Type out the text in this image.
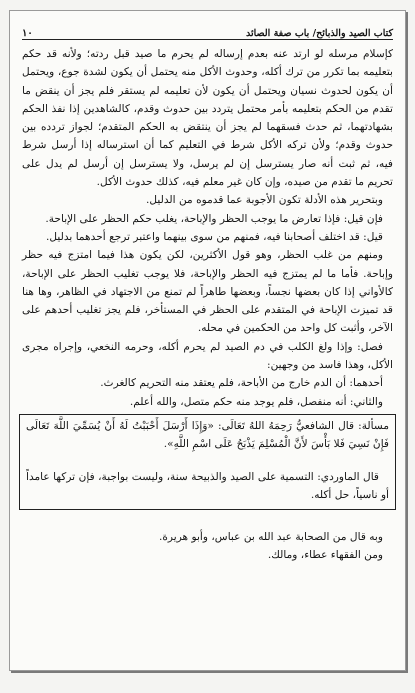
كتاب الصيد والذبائح/ باب صفة الصائد
١٠

كإسلام مرسله لو ارتد عنه بعدم إرساله لم يحرم ما صيد قبل ردته؛ ولأنه قد حكم بتعليمه بما تكرر من ترك أكله، وحدوث الأكل منه يحتمل أن يكون لشدة جوع، ويحتمل أن يكون لحدوث نسيان ويحتمل أن يكون لأن تعليمه لم يستقر فلم يجز أن ينقض ما تقدم من الحكم بتعليمه بأمر محتمل يتردد بين حدوث وقدم، كالشاهدين إذا نفذ الحكم بشهادتهما، ثم حدث فسقهما لم يجز أن ينتقض به الحكم المتقدم؛ لجواز تردده بين حدوث وقدم؛ ولأن تركه الأكل شرط في التعليم كما أن استرساله إذا أرسل شرط فيه، ثم ثبت أنه صار يسترسل إن لم يرسل، ولا يسترسل إن أرسل لم يدل على تحريم ما تقدم من صيده، وإن كان غير معلم فيه، كذلك حدوث الأكل.

وبتحرير هذه الأدلة تكون الأجوبة عما قدموه من الدليل.

فإن قيل: فإذا تعارض ما يوجب الحظر والإباحة، يغلب حكم الحظر على الإباحة.

قيل: قد اختلف أصحابنا فيه، فمنهم من سوى بينهما واعتبر ترجع أحدهما بدليل.

ومنهم من غلب الحظر، وهو قول الأكثرين، لكن يكون هذا فيما امتزج فيه حظر وإباحة. فأما ما لم يمتزج فيه الحظر والإباحة، فلا يوجب تغليب الحظر على الإباحة، كالأواني إذا كان بعضها نجساً، وبعضها طاهراً لم تمنع من الاجتهاد في الظاهر، وها هنا قد تميزت الإباحة في المتقدم على الحظر في المستأخر، فلم يجز تغليب أحدهم على الآخر، وأثبت كل واحد من الحكمين في محله.

فصل: وإذا ولغ الكلب في دم الصيد لم يحرم أكله، وحرمه النخعي، وإجراه مجرى الأكل، وهذا فاسد من وجهين:

أحدهما: أن الدم خارج من الأباحة، فلم يعتقد منه التحريم كالغرث.

والثاني: أنه منفصل، فلم يوجد منه حكم متصل، والله أعلم.

مسألة: قال الشافعيُّ رَحِمَهُ اللهُ تَعَالَى: «وَإِذَا أَرْسَلَ أَحْبَبْتُ لَهُ أَنْ يُسَمِّيَ اللَّهَ تَعَالَى فَإِنْ نَسِيَ فَلا بَأْسَ لأَنَّ الْمُسْلِمَ يَذْبَحُ عَلَى اسْمِ اللَّهِ».

قال الماوردي: التسمية على الصيد والذبيحة سنة، وليست بواجبة، فإن تركها عامداً أو ناسياً، حل أكله.

وبه قال من الصحابة عبد الله بن عباس، وأبو هريرة.

ومن الفقهاء عطاء، ومالك.
